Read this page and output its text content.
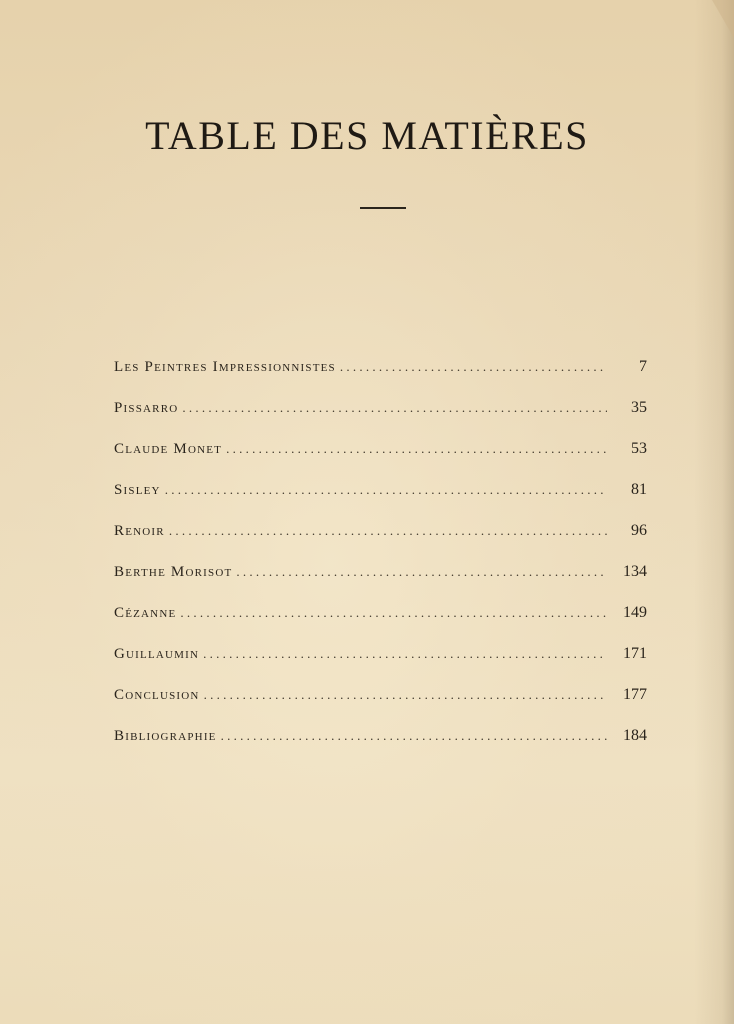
TABLE DES MATIÈRES
Les Peintres Impressionnistes . . .	7
Pissarro . . .	35
Claude Monet . . .	53
Sisley . . .	81
Renoir . . .	96
Berthe Morisot . . .	134
Cézanne . . .	149
Guillaumin . . .	171
Conclusion . . .	177
Bibliographie . . .	184
